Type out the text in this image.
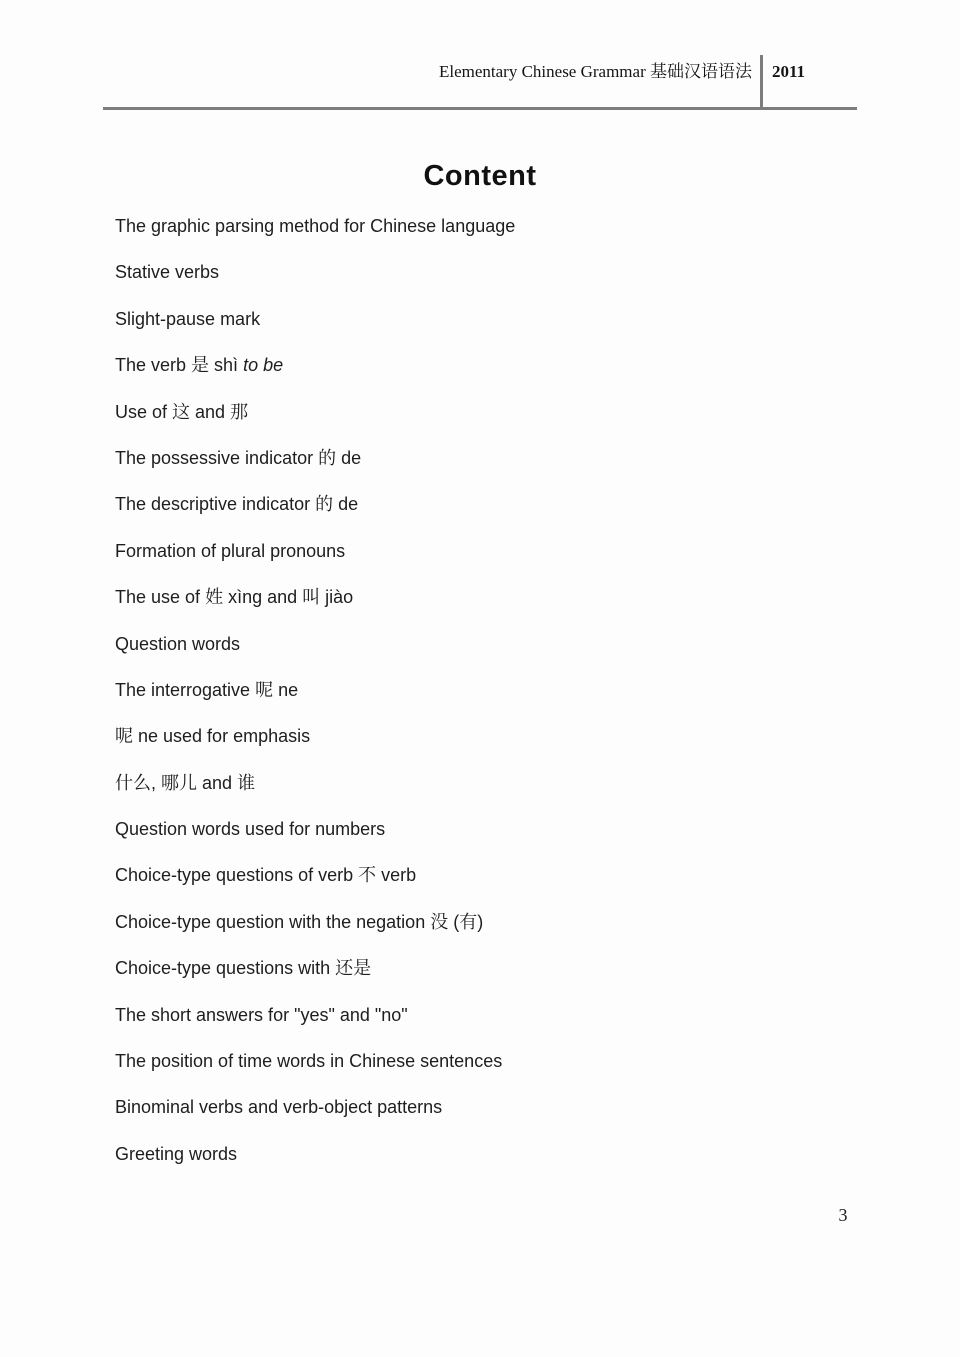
Elementary Chinese Grammar 基础汉语语法 2011
Content
The graphic parsing method for Chinese language
Stative verbs
Slight-pause mark
The verb 是 shì to be
Use of 这 and 那
The possessive indicator 的 de
The descriptive indicator 的 de
Formation of plural pronouns
The use of 姓 xìng and 叫 jiào
Question words
The interrogative 呢 ne
呢 ne used for emphasis
什么, 哪儿 and 谁
Question words used for numbers
Choice-type questions of verb 不 verb
Choice-type question with the negation 没 (有)
Choice-type questions with 还是
The short answers for "yes" and "no"
The position of time words in Chinese sentences
Binominal verbs and verb-object patterns
Greeting words
3
